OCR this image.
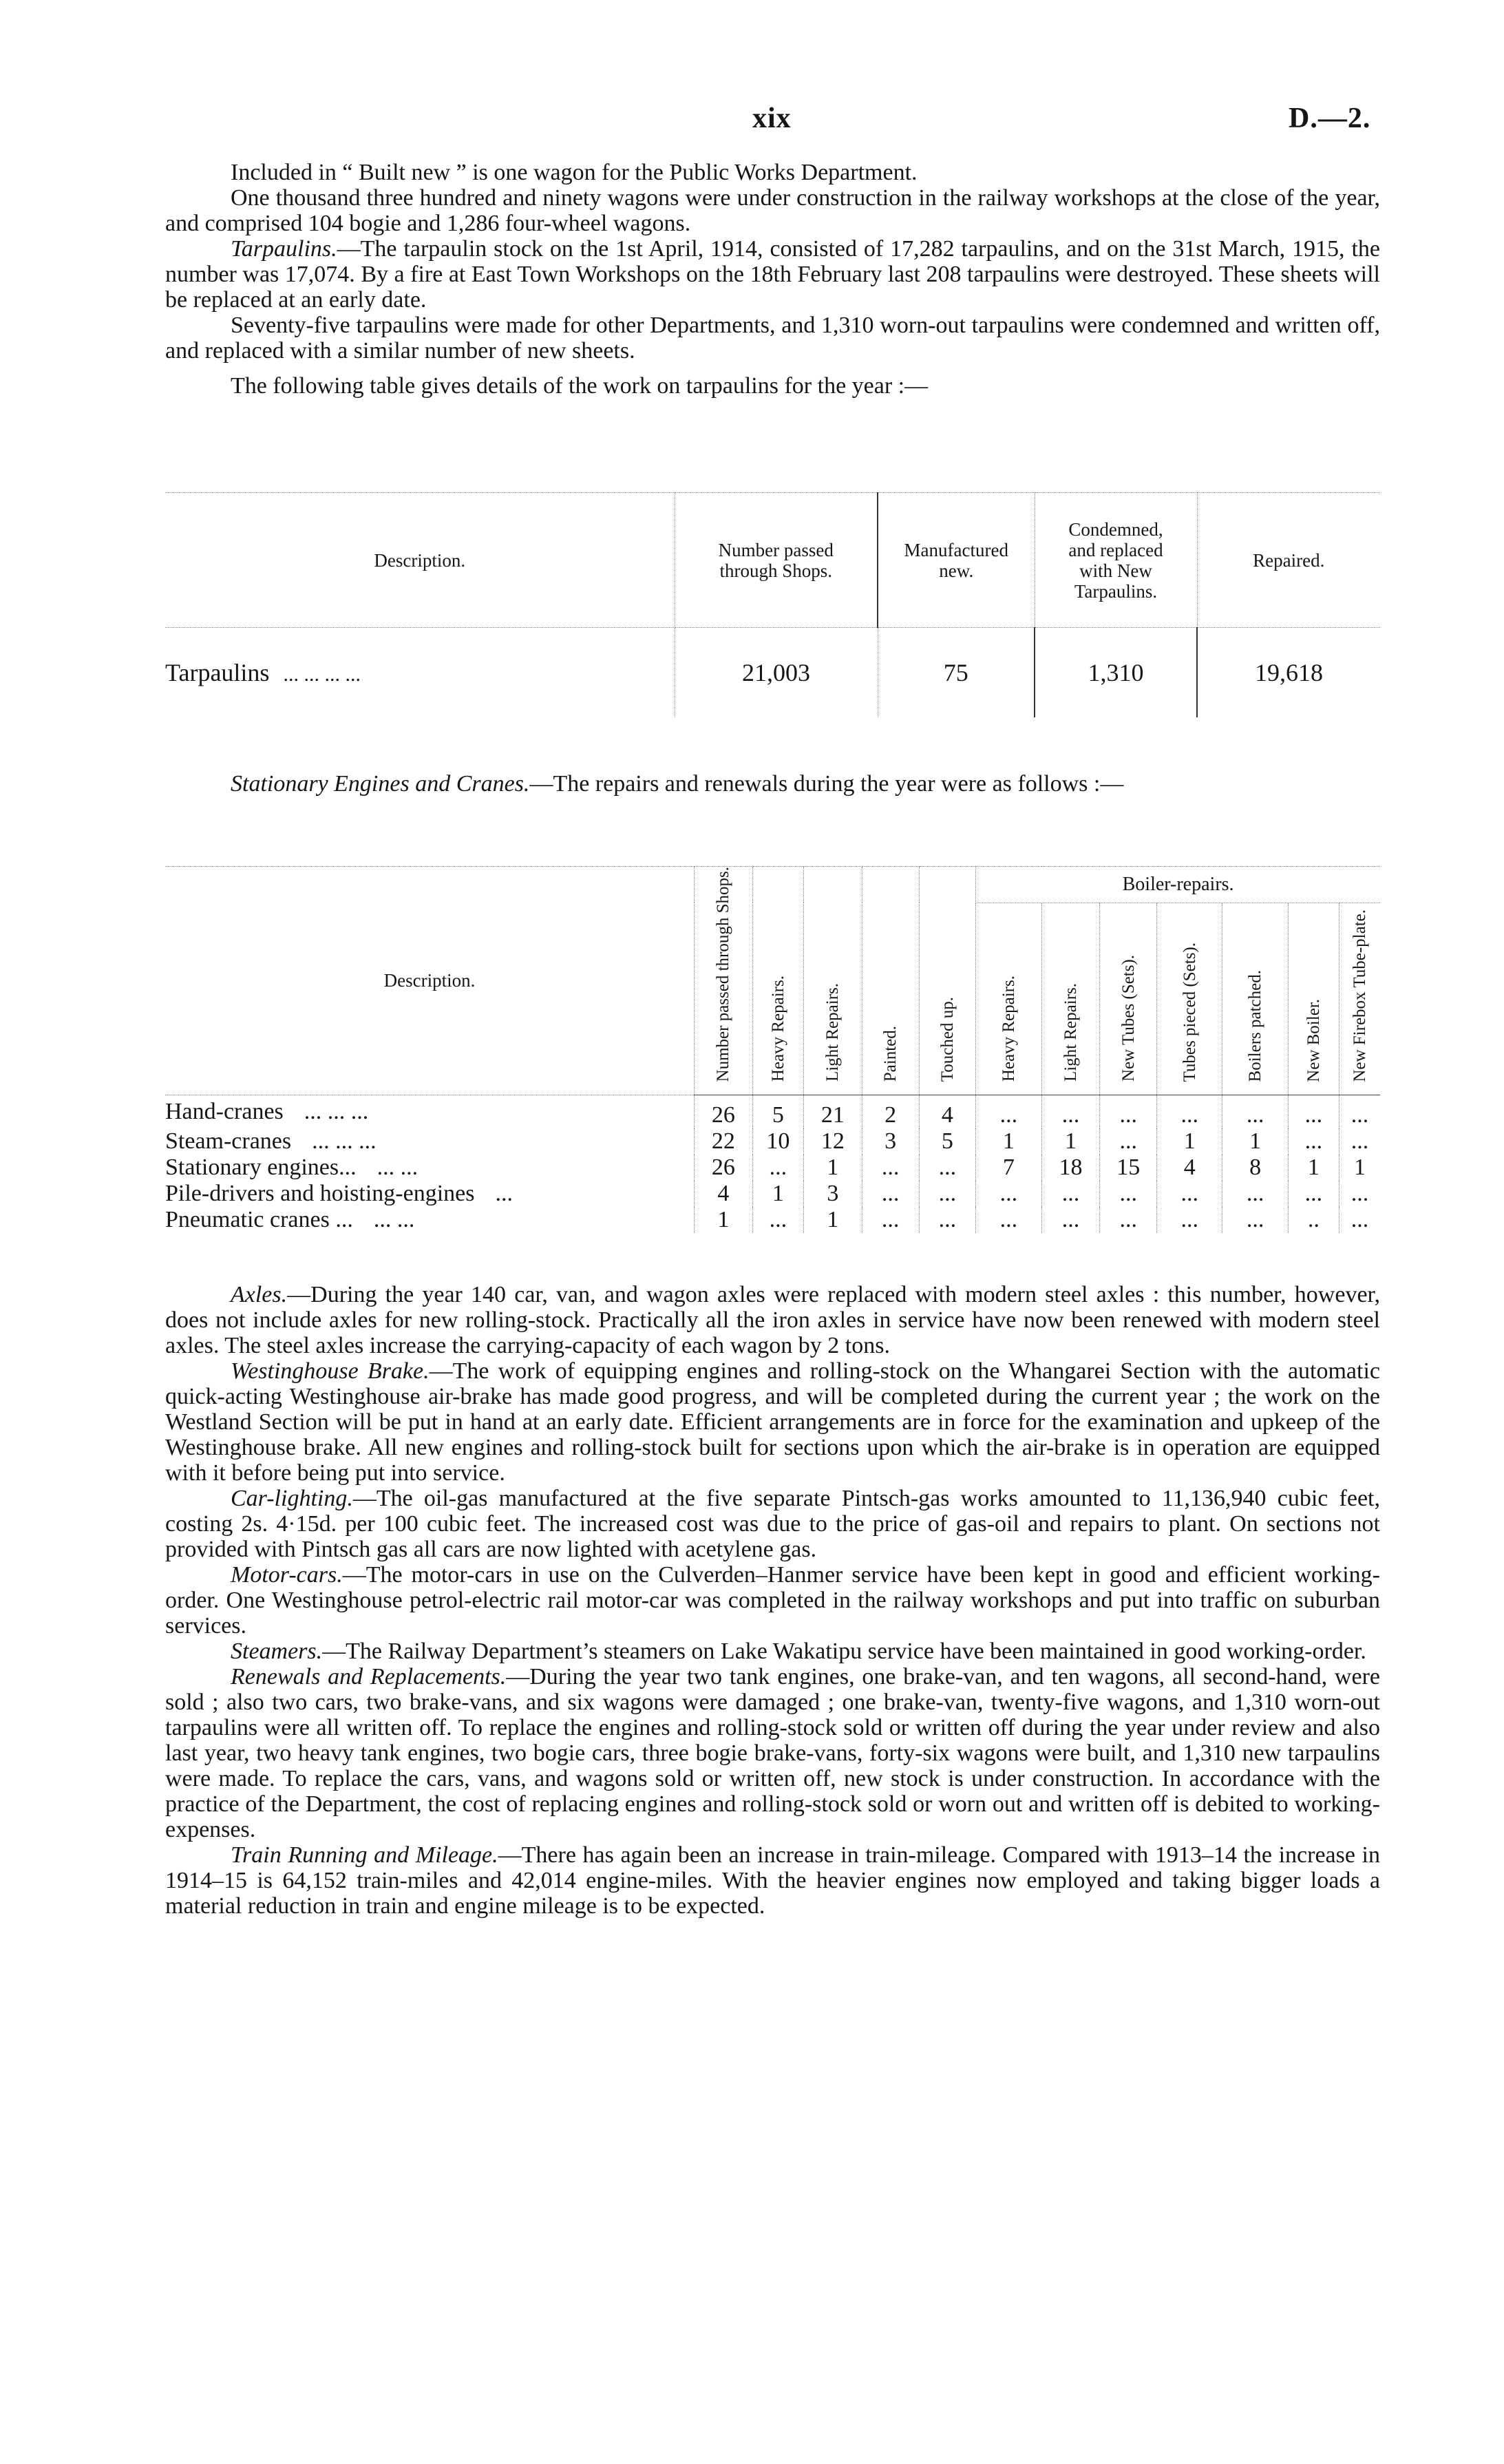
xix	D.—2.

Included in “ Built new ” is one wagon for the Public Works Department.

One thousand three hundred and ninety wagons were under construction in the railway workshops at the close of the year, and comprised 104 bogie and 1,286 four-wheel wagons.

Tarpaulins.—The tarpaulin stock on the 1st April, 1914, consisted of 17,282 tarpaulins, and on the 31st March, 1915, the number was 17,074. By a fire at East Town Workshops on the 18th February last 208 tarpaulins were destroyed. These sheets will be replaced at an early date.

Seventy-five tarpaulins were made for other Departments, and 1,310 worn-out tarpaulins were condemned and written off, and replaced with a similar number of new sheets.

The following table gives details of the work on tarpaulins for the year :—

Description.	Number passed through Shops.	Manufactured new.	Condemned, and replaced with New Tarpaulins.	Repaired.
Tarpaulins ... ... ... ...	21,003	75	1,310	19,618

Stationary Engines and Cranes.—The repairs and renewals during the year were as follows :—

Description.	Number passed through Shops.	Heavy Repairs.	Light Repairs.	Painted.	Touched up.	Boiler-repairs.						
						Heavy Repairs.	Light Repairs.	New Tubes (Sets).	Tubes pieced (Sets).	Boilers patched.	New Boiler.	New Firebox Tube-plate.
Hand-cranes ... ... ...	26	5	21	2	4	...	...	...	...	...	...	...
Steam-cranes ... ... ...	22	10	12	3	5	1	1	...	1	1	...	...
Stationary engines... ... ...	26	...	1	...	...	7	18	15	4	8	1	1
Pile-drivers and hoisting-engines ...	4	1	3	...	...	...	...	...	...	...	...	...
Pneumatic cranes ... ... ...	1	...	1	...	...	...	...	...	...	...	..	...

Axles.—During the year 140 car, van, and wagon axles were replaced with modern steel axles : this number, however, does not include axles for new rolling-stock. Practically all the iron axles in service have now been renewed with modern steel axles. The steel axles increase the carrying-capacity of each wagon by 2 tons.

Westinghouse Brake.—The work of equipping engines and rolling-stock on the Whangarei Section with the automatic quick-acting Westinghouse air-brake has made good progress, and will be completed during the current year ; the work on the Westland Section will be put in hand at an early date. Efficient arrangements are in force for the examination and upkeep of the Westinghouse brake. All new engines and rolling-stock built for sections upon which the air-brake is in operation are equipped with it before being put into service.

Car-lighting.—The oil-gas manufactured at the five separate Pintsch-gas works amounted to 11,136,940 cubic feet, costing 2s. 4·15d. per 100 cubic feet. The increased cost was due to the price of gas-oil and repairs to plant. On sections not provided with Pintsch gas all cars are now lighted with acetylene gas.

Motor-cars.—The motor-cars in use on the Culverden–Hanmer service have been kept in good and efficient working-order. One Westinghouse petrol-electric rail motor-car was completed in the railway workshops and put into traffic on suburban services.

Steamers.—The Railway Department’s steamers on Lake Wakatipu service have been maintained in good working-order.

Renewals and Replacements.—During the year two tank engines, one brake-van, and ten wagons, all second-hand, were sold ; also two cars, two brake-vans, and six wagons were damaged ; one brake-van, twenty-five wagons, and 1,310 worn-out tarpaulins were all written off. To replace the engines and rolling-stock sold or written off during the year under review and also last year, two heavy tank engines, two bogie cars, three bogie brake-vans, forty-six wagons were built, and 1,310 new tarpaulins were made. To replace the cars, vans, and wagons sold or written off, new stock is under construction. In accordance with the practice of the Department, the cost of replacing engines and rolling-stock sold or worn out and written off is debited to working-expenses.

Train Running and Mileage.—There has again been an increase in train-mileage. Compared with 1913–14 the increase in 1914–15 is 64,152 train-miles and 42,014 engine-miles. With the heavier engines now employed and taking bigger loads a material reduction in train and engine mileage is to be expected.
